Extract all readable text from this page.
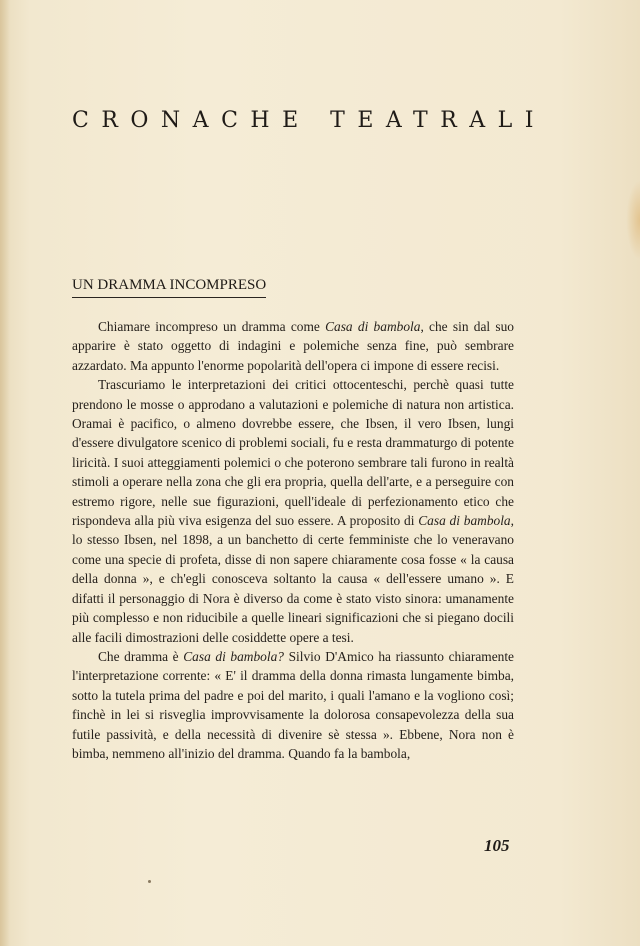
CRONACHE TEATRALI
UN DRAMMA INCOMPRESO

Chiamare incompreso un dramma come Casa di bambola, che sin dal suo apparire è stato oggetto di indagini e polemiche senza fine, può sembrare azzardato. Ma appunto l'enorme popolarità dell'opera ci impone di essere recisi.

Trascuriamo le interpretazioni dei critici ottocenteschi, perchè quasi tutte prendono le mosse o approdano a valutazioni e polemiche di natura non artistica. Oramai è pacifico, o almeno dovrebbe essere, che Ibsen, il vero Ibsen, lungi d'essere divulgatore scenico di problemi sociali, fu e resta drammaturgo di potente liricità. I suoi atteggiamenti polemici o che poterono sembrare tali furono in realtà stimoli a operare nella zona che gli era propria, quella dell'arte, e a perseguire con estremo rigore, nelle sue figurazioni, quell'ideale di perfezionamento etico che rispondeva alla più viva esigenza del suo essere. A proposito di Casa di bambola, lo stesso Ibsen, nel 1898, a un banchetto di certe femministe che lo veneravano come una specie di profeta, disse di non sapere chiaramente cosa fosse « la causa della donna », e ch'egli conosceva soltanto la causa « dell'essere umano ». E difatti il personaggio di Nora è diverso da come è stato visto sinora: umanamente più complesso e non riducibile a quelle lineari significazioni che si piegano docili alle facili dimostrazioni delle cosiddette opere a tesi.

Che dramma è Casa di bambola? Silvio D'Amico ha riassunto chiaramente l'interpretazione corrente: « E' il dramma della donna rimasta lungamente bimba, sotto la tutela prima del padre e poi del marito, i quali l'amano e la vogliono così; finchè in lei si risveglia improvvisamente la dolorosa consapevolezza della sua futile passività, e della necessità di divenire sè stessa ». Ebbene, Nora non è bimba, nemmeno all'inizio del dramma. Quando fa la bambola,

105
